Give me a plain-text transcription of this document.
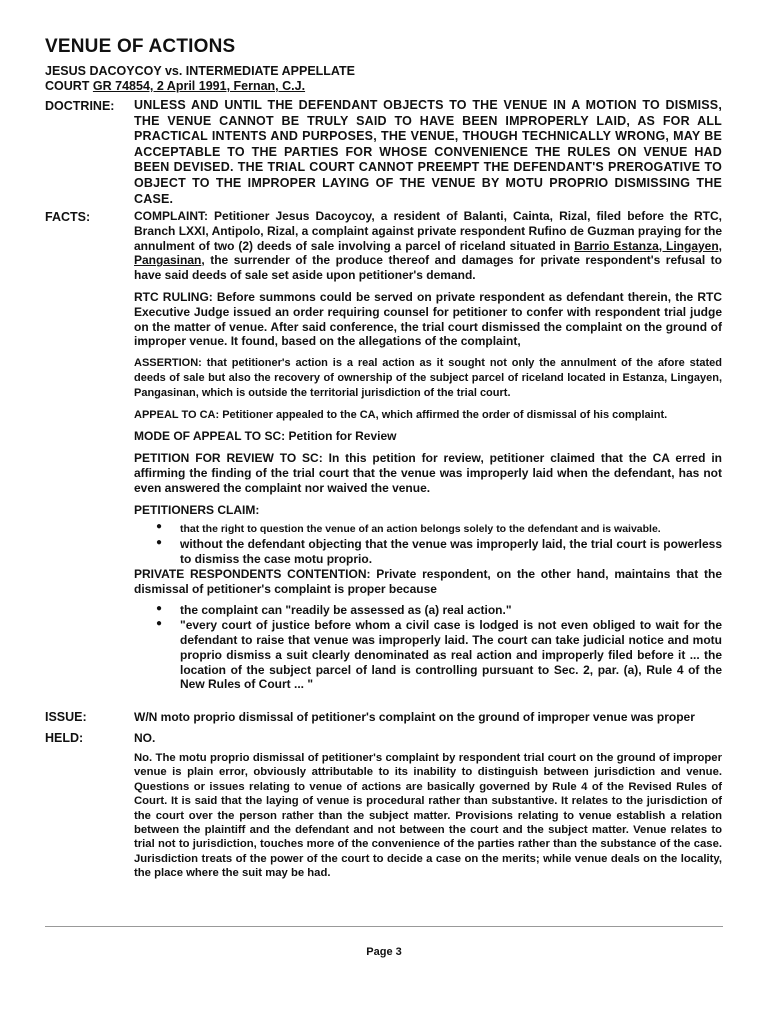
VENUE OF ACTIONS
JESUS DACOYCOY vs. INTERMEDIATE APPELLATE
COURT GR 74854, 2 April 1991, Fernan, C.J.
DOCTRINE: UNLESS AND UNTIL THE DEFENDANT OBJECTS TO THE VENUE IN A MOTION TO DISMISS, THE VENUE CANNOT BE TRULY SAID TO HAVE BEEN IMPROPERLY LAID, AS FOR ALL PRACTICAL INTENTS AND PURPOSES, THE VENUE, THOUGH TECHNICALLY WRONG, MAY BE ACCEPTABLE TO THE PARTIES FOR WHOSE CONVENIENCE THE RULES ON VENUE HAD BEEN DEVISED. THE TRIAL COURT CANNOT PREEMPT THE DEFENDANT'S PREROGATIVE TO OBJECT TO THE IMPROPER LAYING OF THE VENUE BY MOTU PROPRIO DISMISSING THE CASE.
FACTS:	COMPLAINT: Petitioner Jesus Dacoycoy, a resident of Balanti, Cainta, Rizal, filed before the RTC, Branch LXXI, Antipolo, Rizal, a complaint against private respondent Rufino de Guzman praying for the annulment of two (2) deeds of sale involving a parcel of riceland situated in Barrio Estanza, Lingayen, Pangasinan, the surrender of the produce thereof and damages for private respondent's refusal to have said deeds of sale set aside upon petitioner's demand.

RTC RULING: Before summons could be served on private respondent as defendant therein, the RTC Executive Judge issued an order requiring counsel for petitioner to confer with respondent trial judge on the matter of venue. After said conference, the trial court dismissed the complaint on the ground of improper venue. It found, based on the allegations of the complaint,

ASSERTION: that petitioner's action is a real action as it sought not only the annulment of the afore stated deeds of sale but also the recovery of ownership of the subject parcel of riceland located in Estanza, Lingayen, Pangasinan, which is outside the territorial jurisdiction of the trial court.

APPEAL TO CA: Petitioner appealed to the CA, which affirmed the order of dismissal of his complaint.

MODE OF APPEAL TO SC: Petition for Review

PETITION FOR REVIEW TO SC: In this petition for review, petitioner claimed that the CA erred in affirming the finding of the trial court that the venue was improperly laid when the defendant, has not even answered the complaint nor waived the venue.

PETITIONERS CLAIM:

● that the right to question the venue of an action belongs solely to the defendant and is waivable.
● without the defendant objecting that the venue was improperly laid, the trial court is powerless to dismiss the case motu proprio.

PRIVATE RESPONDENTS CONTENTION: Private respondent, on the other hand, maintains that the dismissal of petitioner's complaint is proper because

● the complaint can "readily be assessed as (a) real action."
● "every court of justice before whom a civil case is lodged is not even obliged to wait for the defendant to raise that venue was improperly laid. The court can take judicial notice and motu proprio dismiss a suit clearly denominated as real action and improperly filed before it ... the location of the subject parcel of land is controlling pursuant to Sec. 2, par. (a), Rule 4 of the New Rules of Court ... "
ISSUE:	W/N moto proprio dismissal of petitioner's complaint on the ground of improper venue was proper
HELD:	NO.
No. The motu proprio dismissal of petitioner's complaint by respondent trial court on the ground of improper venue is plain error, obviously attributable to its inability to distinguish between jurisdiction and venue. Questions or issues relating to venue of actions are basically governed by Rule 4 of the Revised Rules of Court. It is said that the laying of venue is procedural rather than substantive. It relates to the jurisdiction of the court over the person rather than the subject matter. Provisions relating to venue establish a relation between the plaintiff and the defendant and not between the court and the subject matter. Venue relates to trial not to jurisdiction, touches more of the convenience of the parties rather than the substance of the case. Jurisdiction treats of the power of the court to decide a case on the merits; while venue deals on the locality, the place where the suit may be had.
Page 3
